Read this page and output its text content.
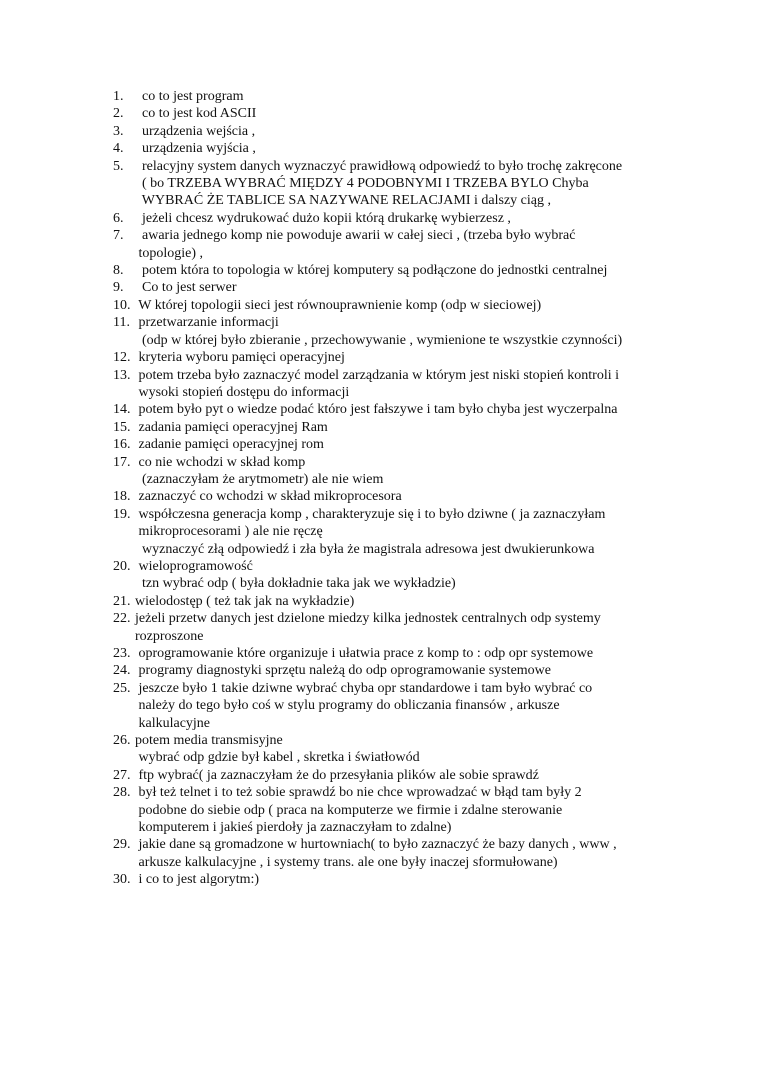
1. co to jest program
2. co to jest kod ASCII
3. urządzenia wejścia ,
4. urządzenia wyjścia ,
5. relacyjny system danych wyznaczyć prawidłową odpowiedź to było trochę zakręcone
( bo TRZEBA WYBRAĆ MIĘDZY 4 PODOBNYMI I TRZEBA BYLO Chyba
WYBRAĆ ŻE TABLICE SA NAZYWANE RELACJAMI i dalszy ciąg ,
6. jeżeli chcesz wydrukować dużo kopii którą drukarkę wybierzesz ,
7. awaria jednego komp nie powoduje awarii w całej sieci , (trzeba było wybrać
topologie) ,
8. potem która to topologia w której komputery są podłączone do jednostki centralnej
9. Co to jest serwer
10. W której topologii sieci jest równouprawnienie komp (odp w sieciowej)
11. przetwarzanie informacji
(odp w której było zbieranie , przechowywanie , wymienione te wszystkie czynności)
12. kryteria wyboru pamięci operacyjnej
13. potem trzeba było zaznaczyć model zarządzania w którym jest niski stopień kontroli i
wysoki stopień dostępu do informacji
14. potem było pyt o wiedze podać któro jest fałszywe i tam było chyba jest wyczerpalna
15. zadania pamięci operacyjnej Ram
16. zadanie pamięci operacyjnej rom
17. co nie wchodzi w skład komp
(zaznaczyłam że arytmometr) ale nie wiem
18. zaznaczyć co wchodzi w skład mikroprocesora
19. współczesna generacja komp , charakteryzuje się i to było dziwne ( ja zaznaczyłam
mikroprocesorami ) ale nie ręczę
wyznaczyć złą odpowiedź i zła była że magistrala adresowa jest dwukierunkowa
20. wieloprogramowość
tzn wybrać odp ( była dokładnie taka jak we wykładzie)
21. wielodostęp ( też tak jak na wykładzie)
22. jeżeli przetw danych jest dzielone miedzy kilka jednostek centralnych odp systemy
rozproszone
23. oprogramowanie które organizuje i ułatwia prace z komp to : odp opr systemowe
24. programy diagnostyki sprzętu należą do odp oprogramowanie systemowe
25. jeszcze było 1 takie dziwne wybrać chyba opr standardowe i tam było wybrać co
należy do tego było coś w stylu programy do obliczania finansów , arkusze
kalkulacyjne
26. potem media transmisyjne
wybrać odp gdzie był kabel , skretka i światłowód
27. ftp wybrać( ja zaznaczyłam że do przesyłania plików ale sobie sprawdź
28. był też telnet i to też sobie sprawdź bo nie chce wprowadzać w błąd tam były 2
podobne do siebie odp ( praca na komputerze we firmie i zdalne sterowanie
komputerem i jakieś pierdoły ja zaznaczyłam to zdalne)
29. jakie dane są gromadzone w hurtowniach( to było zaznaczyć że bazy danych , www ,
arkusze kalkulacyjne , i systemy trans. ale one były inaczej sformułowane)
30. i co to jest algorytm:)
